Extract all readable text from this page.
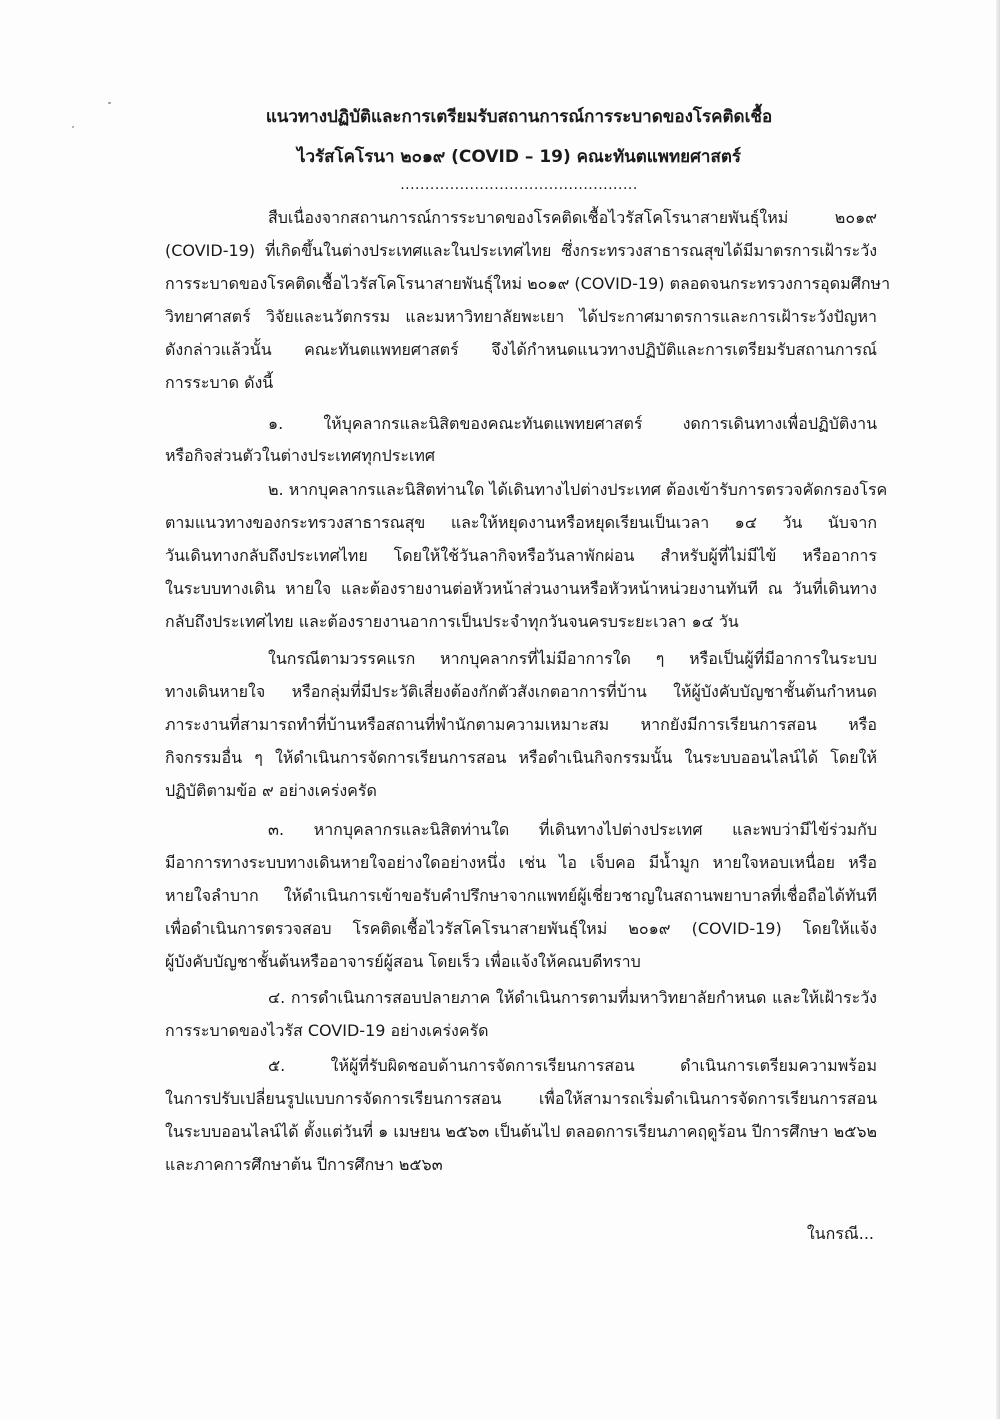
แนวทางปฏิบัติและการเตรียมรับสถานการณ์การระบาดของโรคติดเชื้อ
ไวรัสโคโรนา ๒๐๑๙ (COVID – 19) คณะทันตแพทยศาสตร์
................................................
สืบเนื่องจากสถานการณ์การระบาดของโรคติดเชื้อไวรัสโคโรนาสายพันธุ์ใหม่ ๒๐๑๙
(COVID-19) ที่เกิดขึ้นในต่างประเทศและในประเทศไทย ซึ่งกระทรวงสาธารณสุขได้มีมาตรการเฝ้าระวัง
การระบาดของโรคติดเชื้อไวรัสโคโรนาสายพันธุ์ใหม่ ๒๐๑๙ (COVID-19) ตลอดจนกระทรวงการอุดมศึกษา
วิทยาศาสตร์ วิจัยและนวัตกรรม และมหาวิทยาลัยพะเยา ได้ประกาศมาตรการและการเฝ้าระวังปัญหา
ดังกล่าวแล้วนั้น คณะทันตแพทยศาสตร์ จึงได้กำหนดแนวทางปฏิบัติและการเตรียมรับสถานการณ์
การระบาด ดังนี้
๑. ให้บุคลากรและนิสิตของคณะทันตแพทยศาสตร์ งดการเดินทางเพื่อปฏิบัติงาน
หรือกิจส่วนตัวในต่างประเทศทุกประเทศ
๒. หากบุคลากรและนิสิตท่านใด ได้เดินทางไปต่างประเทศ ต้องเข้ารับการตรวจคัดกรองโรค
ตามแนวทางของกระทรวงสาธารณสุข และให้หยุดงานหรือหยุดเรียนเป็นเวลา ๑๔ วัน นับจาก
วันเดินทางกลับถึงประเทศไทย โดยให้ใช้วันลากิจหรือวันลาพักผ่อน สำหรับผู้ที่ไม่มีไข้ หรืออาการ
ในระบบทางเดิน หายใจ และต้องรายงานต่อหัวหน้าส่วนงานหรือหัวหน้าหน่วยงานทันที ณ วันที่เดินทาง
กลับถึงประเทศไทย และต้องรายงานอาการเป็นประจำทุกวันจนครบระยะเวลา ๑๔ วัน
ในกรณีตามวรรคแรก หากบุคลากรที่ไม่มีอาการใด ๆ หรือเป็นผู้ที่มีอาการในระบบ
ทางเดินหายใจ หรือกลุ่มที่มีประวัติเสี่ยงต้องกักตัวสังเกตอาการที่บ้าน ให้ผู้บังคับบัญชาชั้นต้นกำหนด
ภาระงานที่สามารถทำที่บ้านหรือสถานที่พำนักตามความเหมาะสม หากยังมีการเรียนการสอน หรือ
กิจกรรมอื่น ๆ ให้ดำเนินการจัดการเรียนการสอน หรือดำเนินกิจกรรมนั้น ในระบบออนไลน์ได้ โดยให้
ปฏิบัติตามข้อ ๙ อย่างเคร่งครัด
๓. หากบุคลากรและนิสิตท่านใด ที่เดินทางไปต่างประเทศ และพบว่ามีไข้ร่วมกับ
มีอาการทางระบบทางเดินหายใจอย่างใดอย่างหนึ่ง เช่น ไอ เจ็บคอ มีน้ำมูก หายใจหอบเหนื่อย หรือ
หายใจลำบาก ให้ดำเนินการเข้าขอรับคำปรึกษาจากแพทย์ผู้เชี่ยวชาญในสถานพยาบาลที่เชื่อถือได้ทันที
เพื่อดำเนินการตรวจสอบ โรคติดเชื้อไวรัสโคโรนาสายพันธุ์ใหม่ ๒๐๑๙ (COVID-19) โดยให้แจ้ง
ผู้บังคับบัญชาชั้นต้นหรืออาจารย์ผู้สอน โดยเร็ว เพื่อแจ้งให้คณบดีทราบ
๔. การดำเนินการสอบปลายภาค ให้ดำเนินการตามที่มหาวิทยาลัยกำหนด และให้เฝ้าระวัง
การระบาดของไวรัส COVID-19 อย่างเคร่งครัด
๕. ให้ผู้ที่รับผิดชอบด้านการจัดการเรียนการสอน ดำเนินการเตรียมความพร้อม
ในการปรับเปลี่ยนรูปแบบการจัดการเรียนการสอน เพื่อให้สามารถเริ่มดำเนินการจัดการเรียนการสอน
ในระบบออนไลน์ได้ ตั้งแต่วันที่ ๑ เมษยน ๒๕๖๓ เป็นต้นไป ตลอดการเรียนภาคฤดูร้อน ปีการศึกษา ๒๕๖๒
และภาคการศึกษาต้น ปีการศึกษา ๒๕๖๓
ในกรณี...
